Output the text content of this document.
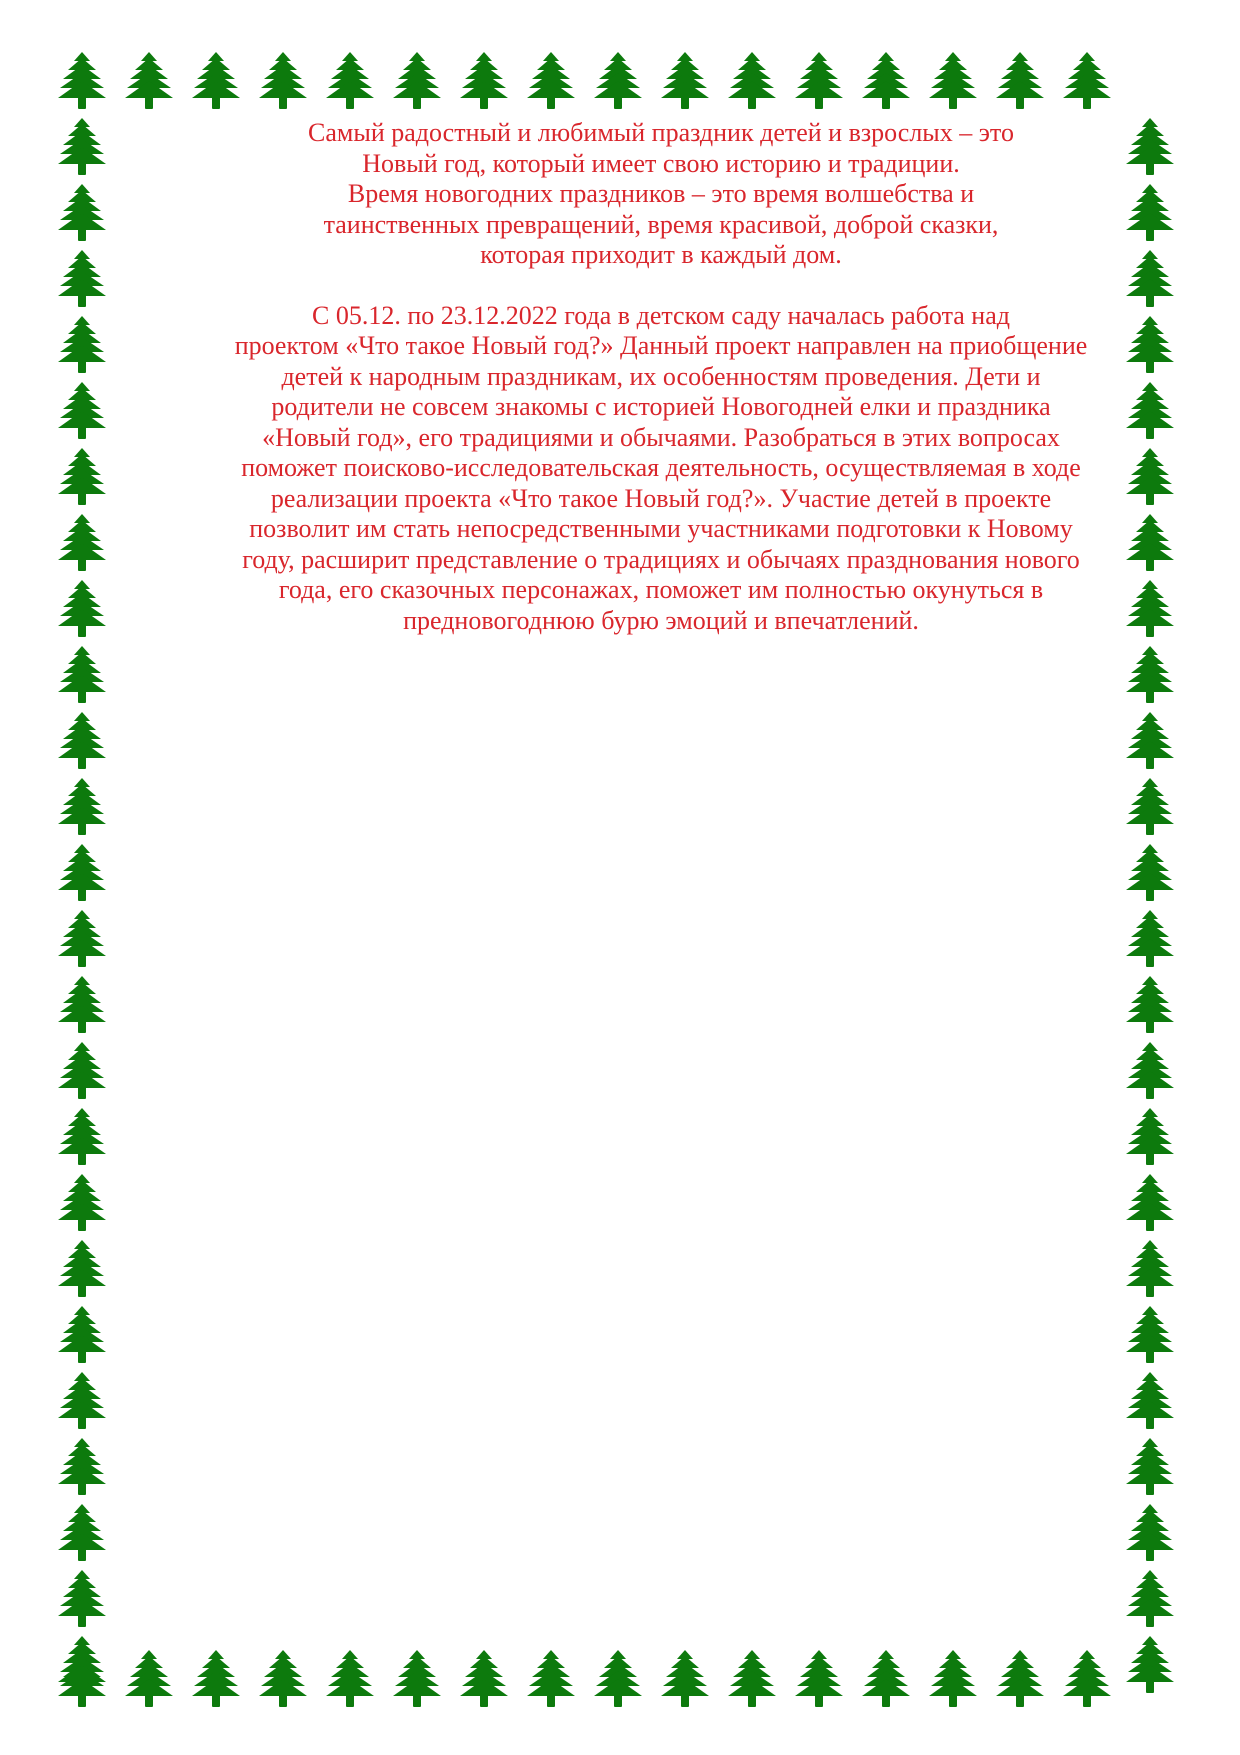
Самый радостный и любимый праздник детей и взрослых – это

Новый год, который имеет свою историю и традиции.

Время новогодних праздников – это время волшебства и

таинственных превращений, время красивой, доброй сказки,

которая приходит в каждый дом.

С 05.12. по 23.12.2022 года в детском саду началась работа над
проектом «Что такое Новый год?» Данный проект направлен на приобщение
детей к народным праздникам, их особенностям проведения. Дети и
родители не совсем знакомы с историей Новогодней елки и праздника
«Новый год», его традициями и обычаями. Разобраться в этих вопросах
поможет поисково-исследовательская деятельность, осуществляемая в ходе
реализации проекта «Что такое Новый год?». Участие детей в проекте
позволит им стать непосредственными участниками подготовки к Новому
году, расширит представление о традициях и обычаях празднования нового
года, его сказочных персонажах, поможет им полностью окунуться в
предновогоднюю бурю эмоций и впечатлений.
